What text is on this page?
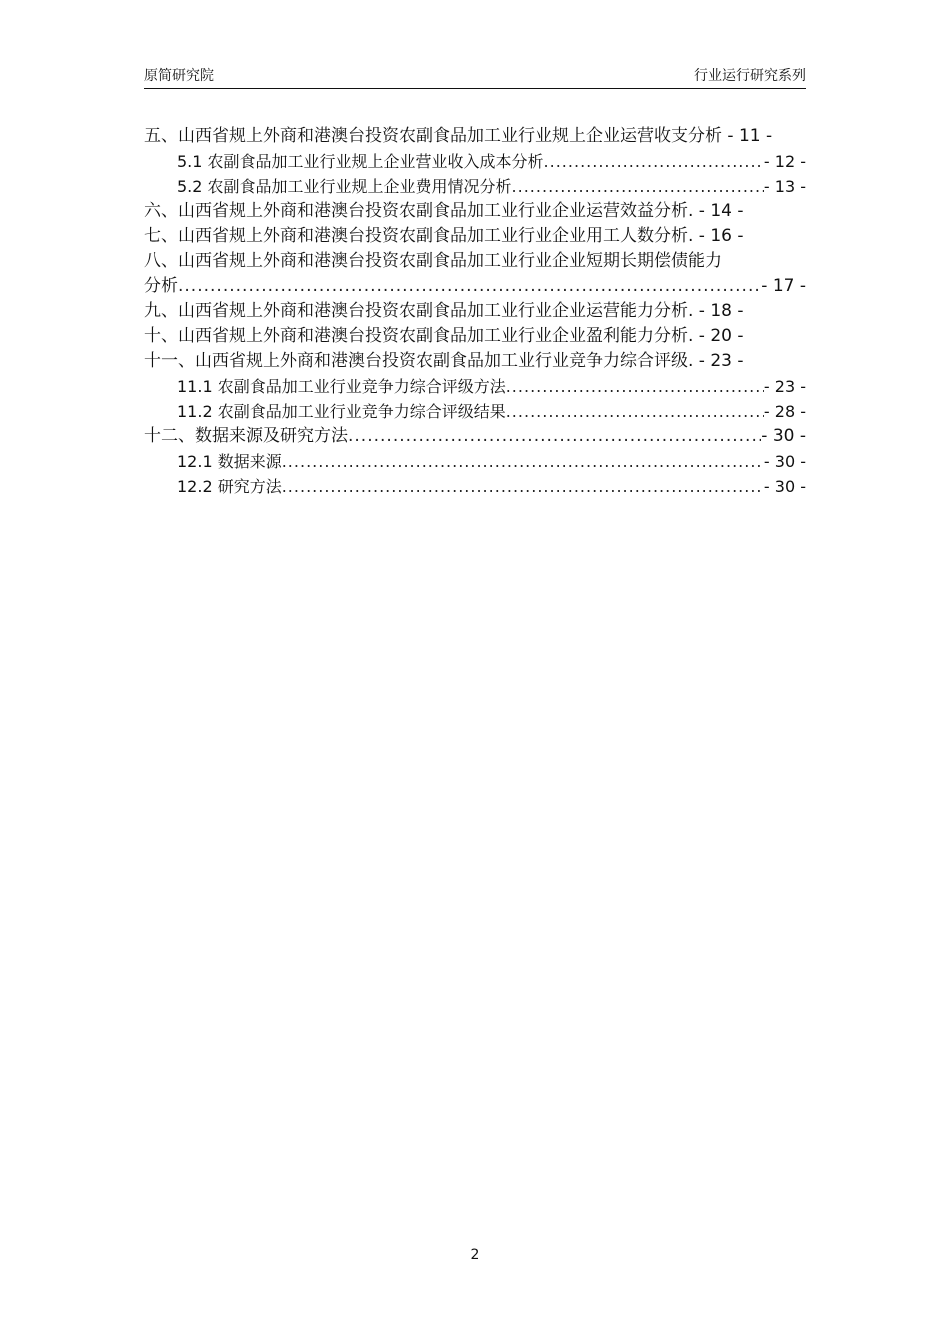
原简研究院	行业运行研究系列
五、山西省规上外商和港澳台投资农副食品加工业行业规上企业运营收支分析 - 11 -
5.1 农副食品加工业行业规上企业营业收入成本分析 .....	- 12 -
5.2 农副食品加工业行业规上企业费用情况分析 .....	- 13 -
六、山西省规上外商和港澳台投资农副食品加工业行业企业运营效益分析. - 14 -
七、山西省规上外商和港澳台投资农副食品加工业行业企业用工人数分析. - 16 -
八、山西省规上外商和港澳台投资农副食品加工业行业企业短期长期偿债能力
分析 .....	- 17 -
九、山西省规上外商和港澳台投资农副食品加工业行业企业运营能力分析. - 18 -
十、山西省规上外商和港澳台投资农副食品加工业行业企业盈利能力分析. - 20 -
十一、山西省规上外商和港澳台投资农副食品加工业行业竞争力综合评级. - 23 -
11.1 农副食品加工业行业竞争力综合评级方法 .....	- 23 -
11.2 农副食品加工业行业竞争力综合评级结果 .....	- 28 -
十二、数据来源及研究方法 .....	- 30 -
12.1 数据来源 .....	- 30 -
12.2 研究方法 .....	- 30 -
2
